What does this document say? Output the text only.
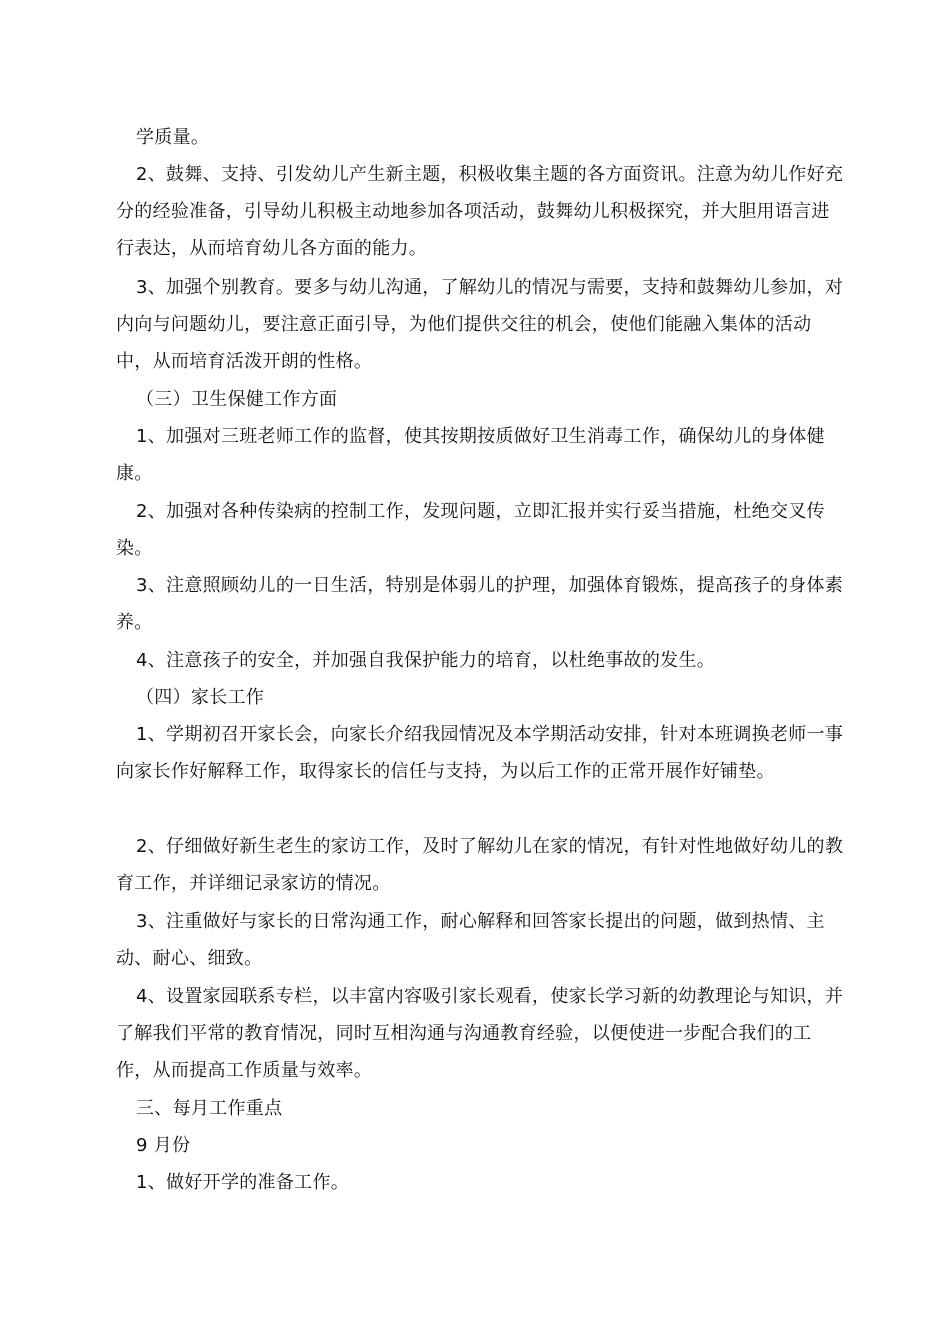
学质量。

2、鼓舞、支持、引发幼儿产生新主题，积极收集主题的各方面资讯。注意为幼儿作好充分的经验准备，引导幼儿积极主动地参加各项活动，鼓舞幼儿积极探究，并大胆用语言进行表达，从而培育幼儿各方面的能力。

3、加强个别教育。要多与幼儿沟通，了解幼儿的情况与需要，支持和鼓舞幼儿参加，对内向与问题幼儿，要注意正面引导，为他们提供交往的机会，使他们能融入集体的活动中，从而培育活泼开朗的性格。

（三）卫生保健工作方面

1、加强对三班老师工作的监督，使其按期按质做好卫生消毒工作，确保幼儿的身体健康。

2、加强对各种传染病的控制工作，发现问题，立即汇报并实行妥当措施，杜绝交叉传染。

3、注意照顾幼儿的一日生活，特别是体弱儿的护理，加强体育锻炼，提高孩子的身体素养。

4、注意孩子的安全，并加强自我保护能力的培育，以杜绝事故的发生。

（四）家长工作

1、学期初召开家长会，向家长介绍我园情况及本学期活动安排，针对本班调换老师一事向家长作好解释工作，取得家长的信任与支持，为以后工作的正常开展作好铺垫。

2、仔细做好新生老生的家访工作，及时了解幼儿在家的情况，有针对性地做好幼儿的教育工作，并详细记录家访的情况。

3、注重做好与家长的日常沟通工作，耐心解释和回答家长提出的问题，做到热情、主动、耐心、细致。

4、设置家园联系专栏，以丰富内容吸引家长观看，使家长学习新的幼教理论与知识，并了解我们平常的教育情况，同时互相沟通与沟通教育经验，以便使进一步配合我们的工作，从而提高工作质量与效率。

三、每月工作重点

9 月份

1、做好开学的准备工作。
